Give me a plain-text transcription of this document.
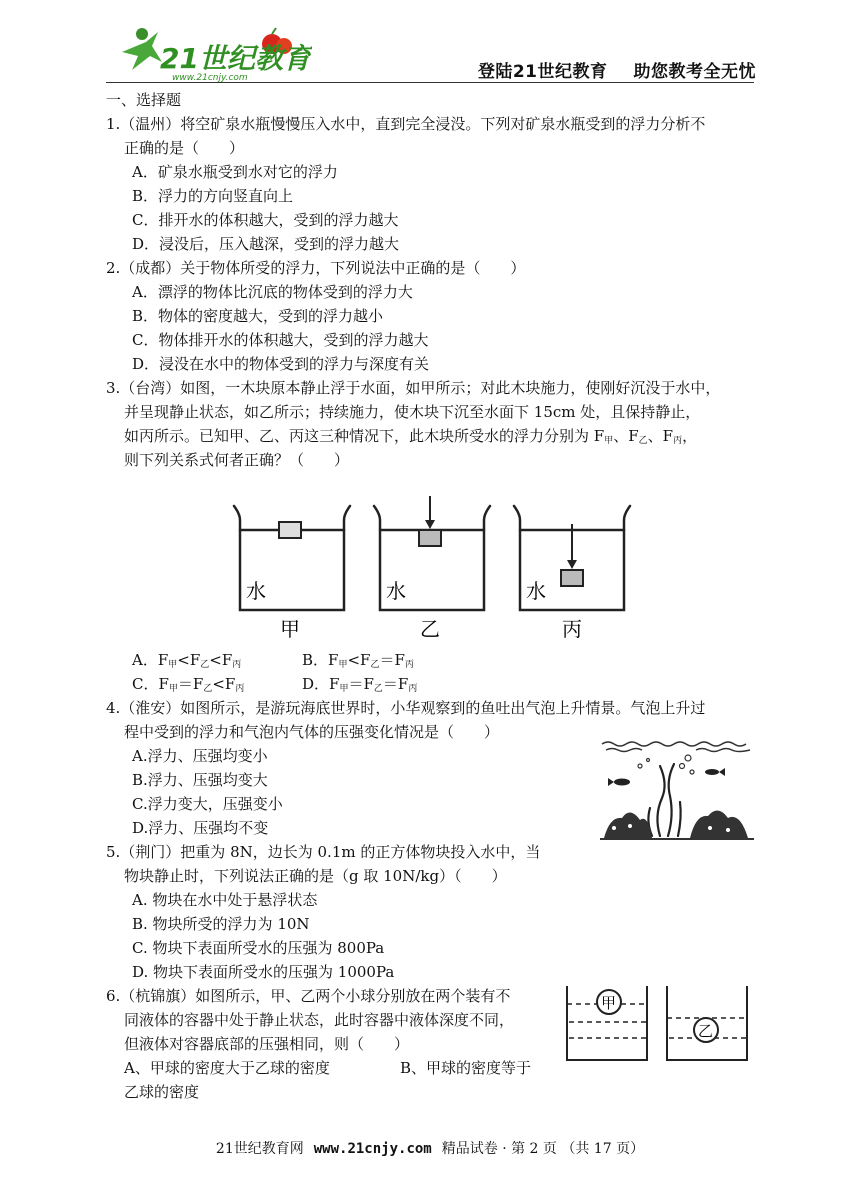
21世纪教育
www.21cnjy.com	登陆21世纪教育 助您教考全无忧
一、选择题
1.（温州）将空矿泉水瓶慢慢压入水中，直到完全浸没。下列对矿泉水瓶受到的浮力分析不
正确的是（　　）
A．矿泉水瓶受到水对它的浮力
B．浮力的方向竖直向上
C．排开水的体积越大，受到的浮力越大
D．浸没后，压入越深，受到的浮力越大
2.（成都）关于物体所受的浮力，下列说法中正确的是（　　）
A．漂浮的物体比沉底的物体受到的浮力大
B．物体的密度越大，受到的浮力越小
C．物体排开水的体积越大，受到的浮力越大
D．浸没在水中的物体受到的浮力与深度有关
3.（台湾）如图，一木块原本静止浮于水面，如甲所示；对此木块施力，使刚好沉没于水中，
并呈现静止状态，如乙所示；持续施力，使木块下沉至水面下 15cm 处，且保持静止，
如丙所示。已知甲、乙、丙这三种情况下，此木块所受水的浮力分别为 $F_甲$、$F_乙$、$F_丙$，
则下列关系式何者正确？（　　）
水	水	水
甲	乙	丙
A．$F_甲<F_乙<F_丙$	B．$F_甲<F_乙=F_丙$
C．$F_甲=F_乙<F_丙$	D．$F_甲=F_乙=F_丙$
4.（淮安）如图所示，是游玩海底世界时，小华观察到的鱼吐出气泡上升情景。气泡上升过
程中受到的浮力和气泡内气体的压强变化情况是（　　）
A.浮力、压强均变小
B.浮力、压强均变大
C.浮力变大，压强变小
D.浮力、压强均不变
5.（荆门）把重为 8N，边长为 0.1m 的正方体物块投入水中，当
物块静止时，下列说法正确的是（g 取 10N/kg）（　　）
A. 物块在水中处于悬浮状态
B. 物块所受的浮力为 10N
C. 物块下表面所受水的压强为 800Pa
D. 物块下表面所受水的压强为 1000Pa
6.（杭锦旗）如图所示，甲、乙两个小球分别放在两个装有不
同液体的容器中处于静止状态，此时容器中液体深度不同，
但液体对容器底部的压强相同，则（　　）
A、甲球的密度大于乙球的密度	B、甲球的密度等于
乙球的密度
甲
乙
21世纪教育网 www.21cnjy.com 精品试卷 · 第 2 页 （共 17 页）
